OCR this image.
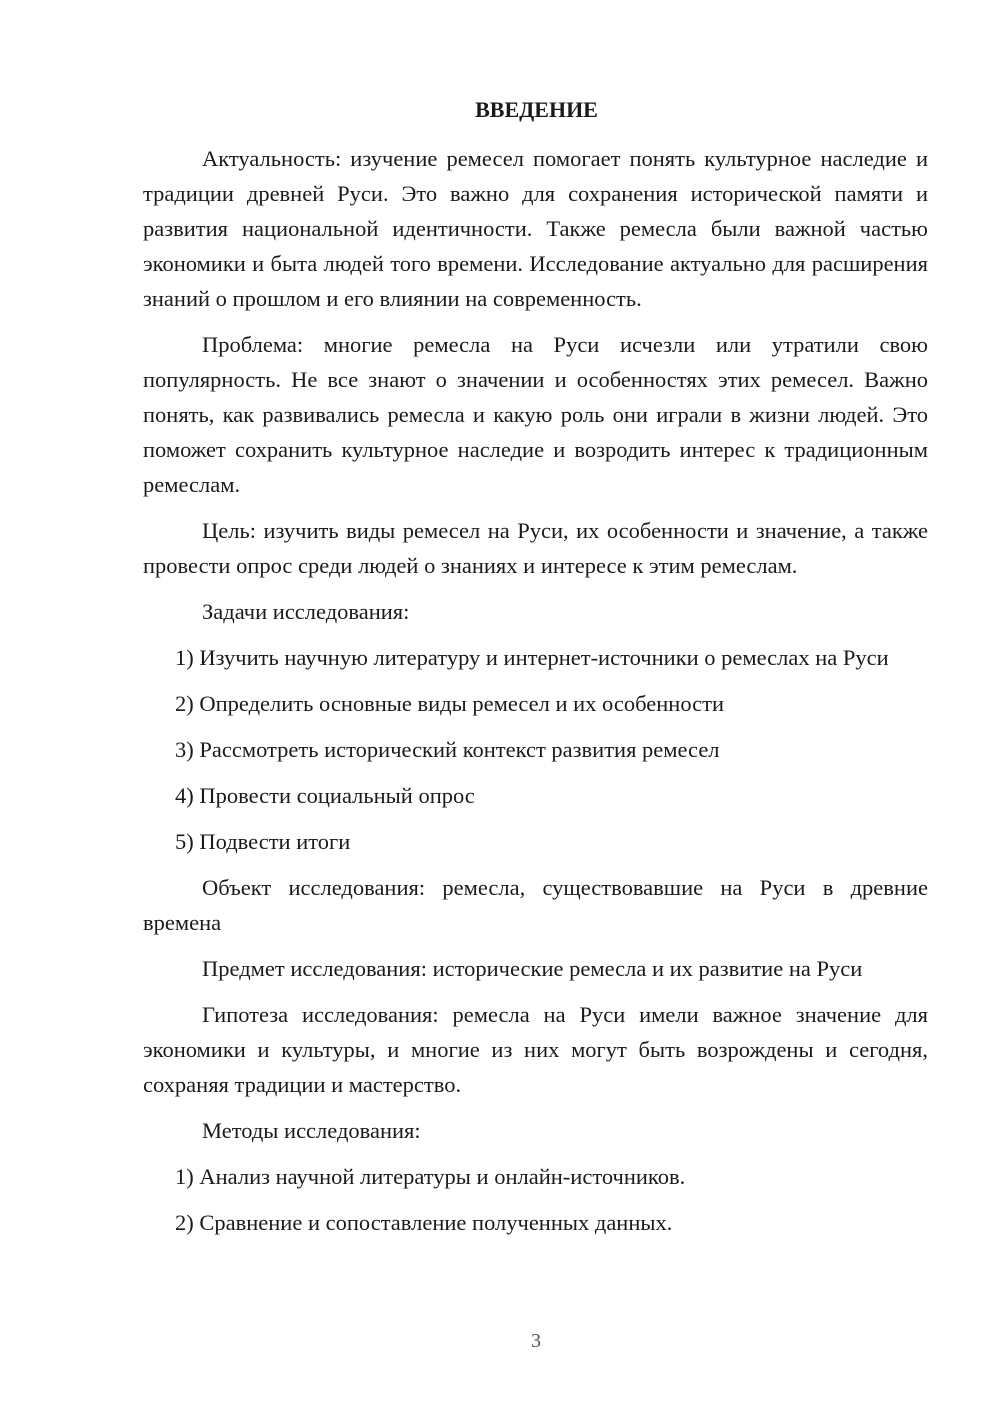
ВВЕДЕНИЕ

Актуальность: изучение ремесел помогает понять культурное наследие и традиции древней Руси. Это важно для сохранения исторической памяти и развития национальной идентичности. Также ремесла были важной частью экономики и быта людей того времени. Исследование актуально для расширения знаний о прошлом и его влиянии на современность.

Проблема: многие ремесла на Руси исчезли или утратили свою популярность. Не все знают о значении и особенностях этих ремесел. Важно понять, как развивались ремесла и какую роль они играли в жизни людей. Это поможет сохранить культурное наследие и возродить интерес к традиционным ремеслам.

Цель: изучить виды ремесел на Руси, их особенности и значение, а также провести опрос среди людей о знаниях и интересе к этим ремеслам.

Задачи исследования:

1) Изучить научную литературу и интернет-источники о ремеслах на Руси

2) Определить основные виды ремесел и их особенности

3) Рассмотреть исторический контекст развития ремесел

4) Провести социальный опрос

5) Подвести итоги

Объект исследования: ремесла, существовавшие на Руси в древние времена

Предмет исследования: исторические ремесла и их развитие на Руси

Гипотеза исследования: ремесла на Руси имели важное значение для экономики и культуры, и многие из них могут быть возрождены и сегодня, сохраняя традиции и мастерство.

Методы исследования:

1) Анализ научной литературы и онлайн-источников.

2) Сравнение и сопоставление полученных данных.

3
